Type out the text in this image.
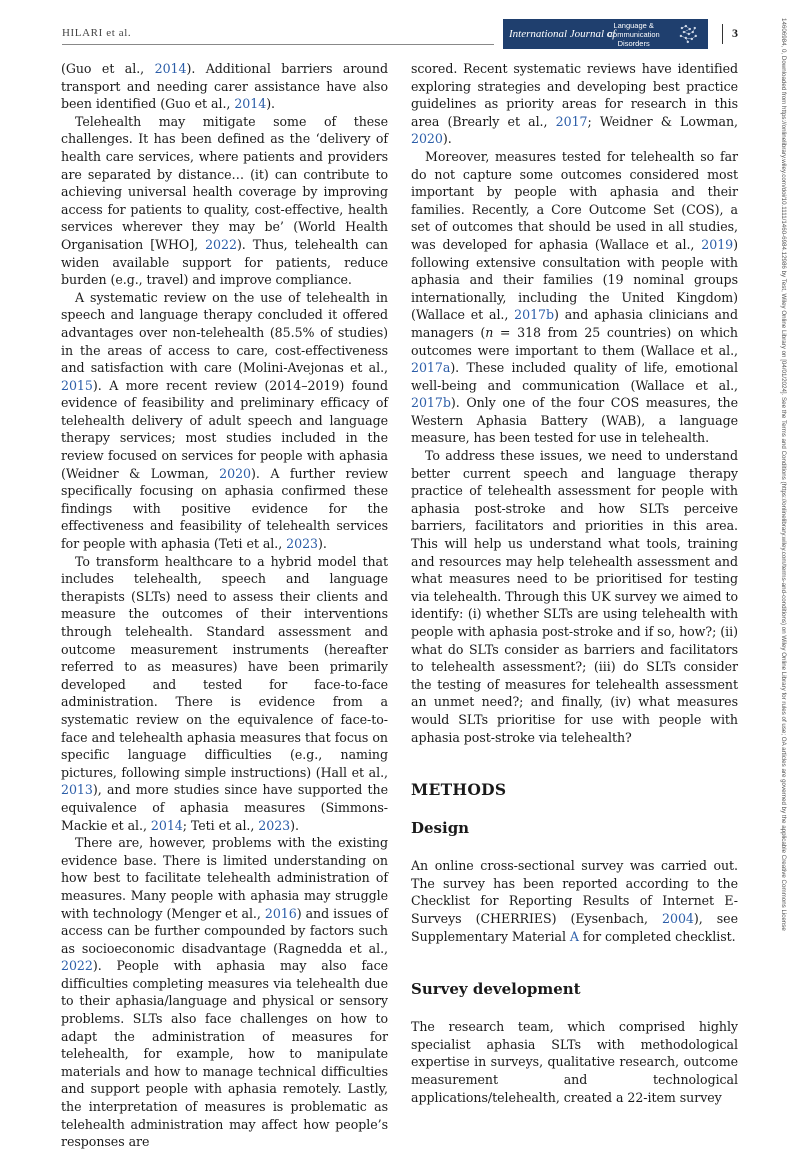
HILARI et al.	International Journal of
Language &
Communication
Disorders
3	14606984, 0, Downloaded from https://onlinelibrary.wiley.com/doi/10.1111/1460-6984.12986 by Test, Wiley Online Library on [04/01/2024]. See the Terms and Conditions (https://onlinelibrary.wiley.com/terms-and-conditions) on Wiley Online Library for rules of use; OA articles are governed by the applicable Creative Commons License

(Guo et al., 2014). Additional barriers around transport and needing carer assistance have also been identified (Guo et al., 2014).

Telehealth may mitigate some of these challenges. It has been defined as the ‘delivery of health care services, where patients and providers are separated by distance… (it) can contribute to achieving universal health coverage by improving access for patients to quality, cost-effective, health services wherever they may be’ (World Health Organisation [WHO], 2022). Thus, telehealth can widen available support for patients, reduce burden (e.g., travel) and improve compliance.

A systematic review on the use of telehealth in speech and language therapy concluded it offered advantages over non-telehealth (85.5% of studies) in the areas of access to care, cost-effectiveness and satisfaction with care (Molini-Avejonas et al., 2015). A more recent review (2014–2019) found evidence of feasibility and preliminary efficacy of telehealth delivery of adult speech and language therapy services; most studies included in the review focused on services for people with aphasia (Weidner & Lowman, 2020). A further review specifically focusing on aphasia confirmed these findings with positive evidence for the effectiveness and feasibility of telehealth services for people with aphasia (Teti et al., 2023).

To transform healthcare to a hybrid model that includes telehealth, speech and language therapists (SLTs) need to assess their clients and measure the outcomes of their interventions through telehealth. Standard assessment and outcome measurement instruments (hereafter referred to as measures) have been primarily developed and tested for face-to-face administration. There is evidence from a systematic review on the equivalence of face-to-face and telehealth aphasia measures that focus on specific language difficulties (e.g., naming pictures, following simple instructions) (Hall et al., 2013), and more studies since have supported the equivalence of aphasia measures (Simmons-Mackie et al., 2014; Teti et al., 2023).

There are, however, problems with the existing evidence base. There is limited understanding on how best to facilitate telehealth administration of measures. Many people with aphasia may struggle with technology (Menger et al., 2016) and issues of access can be further compounded by factors such as socioeconomic disadvantage (Ragnedda et al., 2022). People with aphasia may also face difficulties completing measures via telehealth due to their aphasia/language and physical or sensory problems. SLTs also face challenges on how to adapt the administration of measures for telehealth, for example, how to manipulate materials and how to manage technical difficulties and support people with aphasia remotely. Lastly, the interpretation of measures is problematic as telehealth administration may affect how people’s responses are

scored. Recent systematic reviews have identified exploring strategies and developing best practice guidelines as priority areas for research in this area (Brearly et al., 2017; Weidner & Lowman, 2020).

Moreover, measures tested for telehealth so far do not capture some outcomes considered most important by people with aphasia and their families. Recently, a Core Outcome Set (COS), a set of outcomes that should be used in all studies, was developed for aphasia (Wallace et al., 2019) following extensive consultation with people with aphasia and their families (19 nominal groups internationally, including the United Kingdom) (Wallace et al., 2017b) and aphasia clinicians and managers (n = 318 from 25 countries) on which outcomes were important to them (Wallace et al., 2017a). These included quality of life, emotional well-being and communication (Wallace et al., 2017b). Only one of the four COS measures, the Western Aphasia Battery (WAB), a language measure, has been tested for use in telehealth.

To address these issues, we need to understand better current speech and language therapy practice of telehealth assessment for people with aphasia post-stroke and how SLTs perceive barriers, facilitators and priorities in this area. This will help us understand what tools, training and resources may help telehealth assessment and what measures need to be prioritised for testing via telehealth. Through this UK survey we aimed to identify: (i) whether SLTs are using telehealth with people with aphasia post-stroke and if so, how?; (ii) what do SLTs consider as barriers and facilitators to telehealth assessment?; (iii) do SLTs consider the testing of measures for telehealth assessment an unmet need?; and finally, (iv) what measures would SLTs prioritise for use with people with aphasia post-stroke via telehealth?

METHODS
Design

An online cross-sectional survey was carried out. The survey has been reported according to the Checklist for Reporting Results of Internet E-Surveys (CHERRIES) (Eysenbach, 2004), see Supplementary Material A for completed checklist.

Survey development

The research team, which comprised highly specialist aphasia SLTs with methodological expertise in surveys, qualitative research, outcome measurement and technological applications/telehealth, created a 22-item survey
